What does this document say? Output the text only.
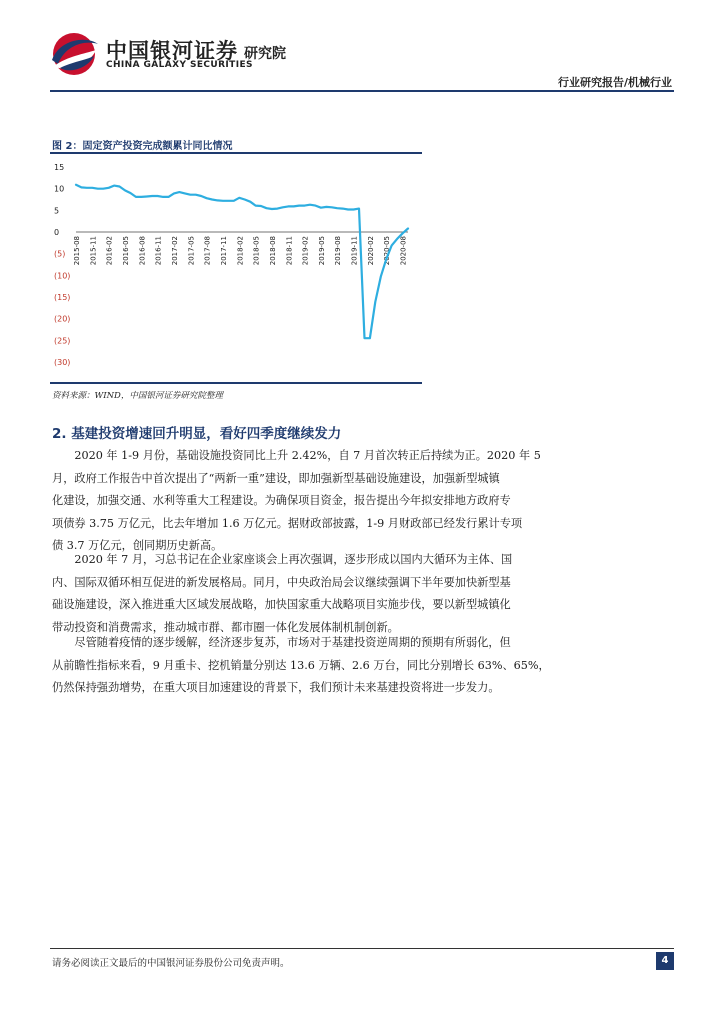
中国银河证券
CHINA GALAXY SECURITIES
研究院
行业研究报告/机械行业
图 2：固定资产投资完成额累计同比情况
15
10
5
0
(5)
(10)
(15)
(20)
(25)
(30)
2015-08 2015-11 2016-02 2016-05 2016-08 2016-11 2017-02 2017-05 2017-08 2017-11 2018-02 2018-05 2018-08 2018-11 2019-02 2019-05 2019-08 2019-11 2020-02 2020-05 2020-08
资料来源：WIND，中国银河证券研究院整理
2. 基建投资增速回升明显，看好四季度继续发力

　　2020 年 1-9 月份，基础设施投资同比上升 2.42%，自 7 月首次转正后持续为正。2020 年 5
月，政府工作报告中首次提出了“两新一重”建设，即加强新型基础设施建设，加强新型城镇
化建设，加强交通、水利等重大工程建设。为确保项目资金，报告提出今年拟安排地方政府专
项债券 3.75 万亿元，比去年增加 1.6 万亿元。据财政部披露，1-9 月财政部已经发行累计专项
债 3.7 万亿元，创同期历史新高。

　　2020 年 7 月，习总书记在企业家座谈会上再次强调，逐步形成以国内大循环为主体、国
内、国际双循环相互促进的新发展格局。同月，中央政治局会议继续强调下半年要加快新型基
础设施建设，深入推进重大区域发展战略，加快国家重大战略项目实施步伐，要以新型城镇化
带动投资和消费需求，推动城市群、都市圈一体化发展体制机制创新。

　　尽管随着疫情的逐步缓解，经济逐步复苏，市场对于基建投资逆周期的预期有所弱化，但
从前瞻性指标来看，9 月重卡、挖机销量分别达 13.6 万辆、2.6 万台，同比分别增长 63%、65%，
仍然保持强劲增势，在重大项目加速建设的背景下，我们预计未来基建投资将进一步发力。

请务必阅读正文最后的中国银河证券股份公司免责声明。	4
